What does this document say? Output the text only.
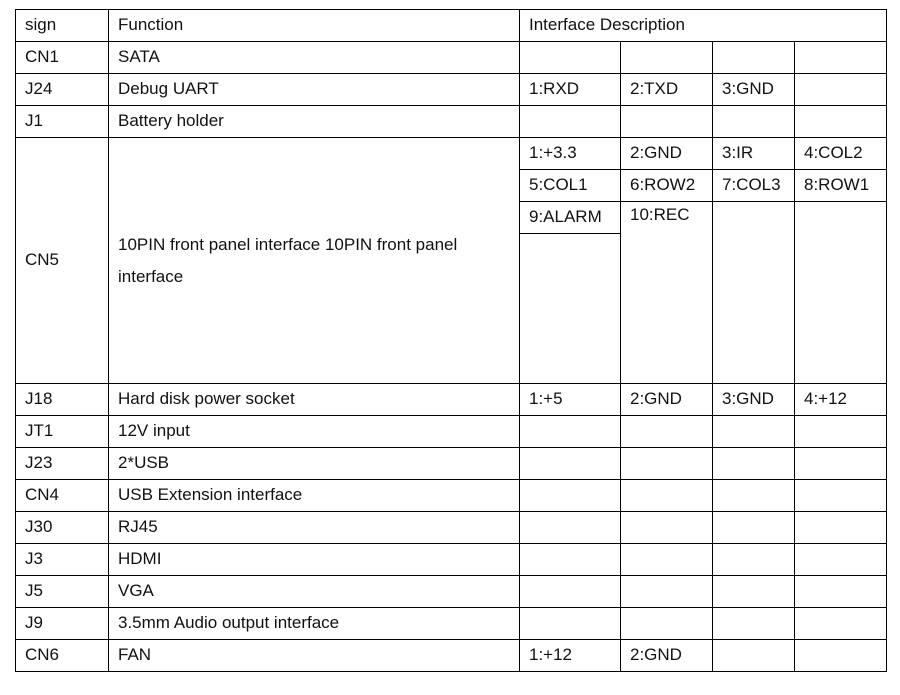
sign	Function	Interface Description			
CN1	SATA				
J24	Debug UART	1:RXD	2:TXD	3:GND	
J1	Battery holder				
CN5	10PIN front panel interface 10PIN front panel interface	1:+3.3	2:GND	3:IR	4:COL2
		5:COL1	6:ROW2	7:COL3	8:ROW1
		9:ALARM	10:REC		

J18	Hard disk power socket	1:+5	2:GND	3:GND	4:+12
JT1	12V input				
J23	2*USB				
CN4	USB Extension interface				
J30	RJ45				
J3	HDMI				
J5	VGA				
J9	3.5mm Audio output interface				
CN6	FAN	1:+12	2:GND		
